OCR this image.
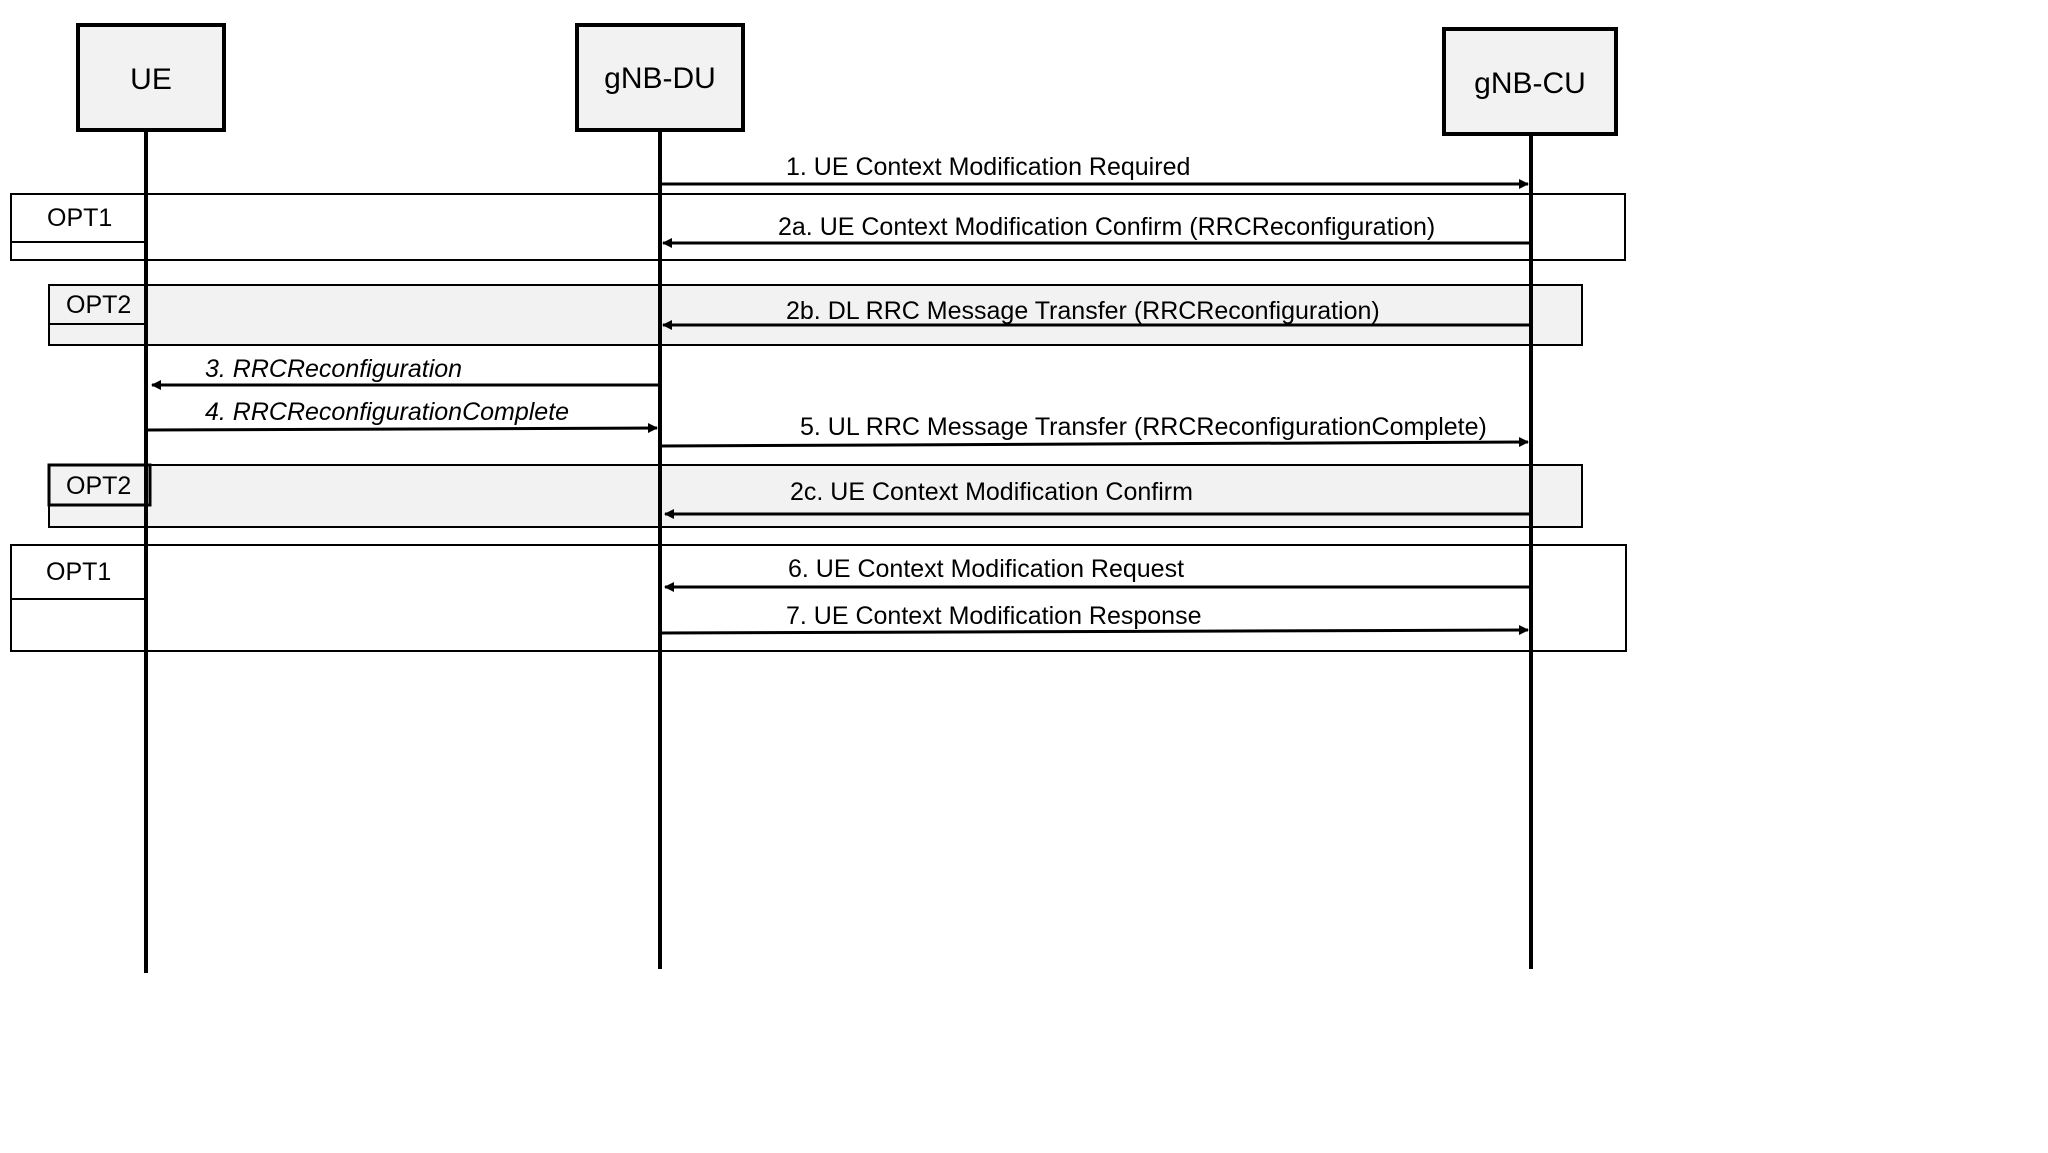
OPT1
OPT2
OPT2
OPT1
UE	gNB-DU	gNB-CU
1. UE Context Modification Required
2a. UE Context Modification Confirm (RRCReconfiguration)
2b. DL RRC Message Transfer (RRCReconfiguration)
3. RRCReconfiguration
4. RRCReconfigurationComplete
5. UL RRC Message Transfer (RRCReconfigurationComplete)
2c. UE Context Modification Confirm
6. UE Context Modification Request
7. UE Context Modification Response
